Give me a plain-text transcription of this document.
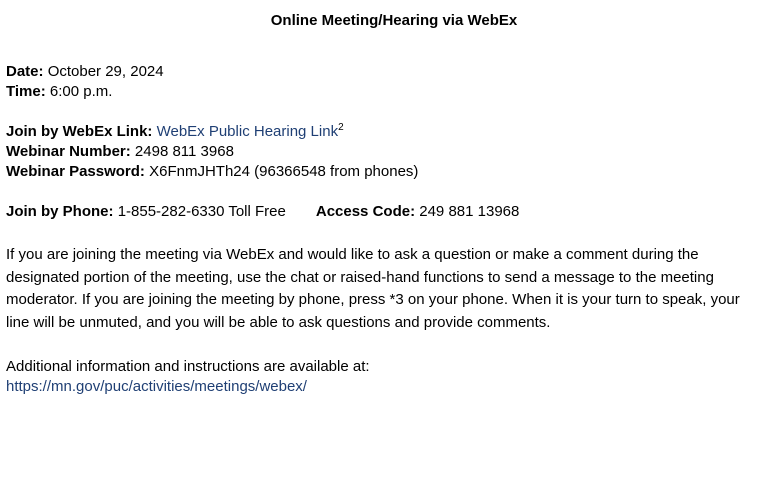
Online Meeting/Hearing via WebEx
Date: October 29, 2024
Time: 6:00 p.m.
Join by WebEx Link: WebEx Public Hearing Link$^2$
Webinar Number: 2498 811 3968
Webinar Password: X6FnmJHTh24 (96366548 from phones)
Join by Phone: 1-855-282-6330 Toll Free Access Code: 249 881 13968
If you are joining the meeting via WebEx and would like to ask a question or make a comment during the designated portion of the meeting, use the chat or raised-hand functions to send a message to the meeting moderator. If you are joining the meeting by phone, press *3 on your phone. When it is your turn to speak, your line will be unmuted, and you will be able to ask questions and provide comments.
Additional information and instructions are available at:
https://mn.gov/puc/activities/meetings/webex/
